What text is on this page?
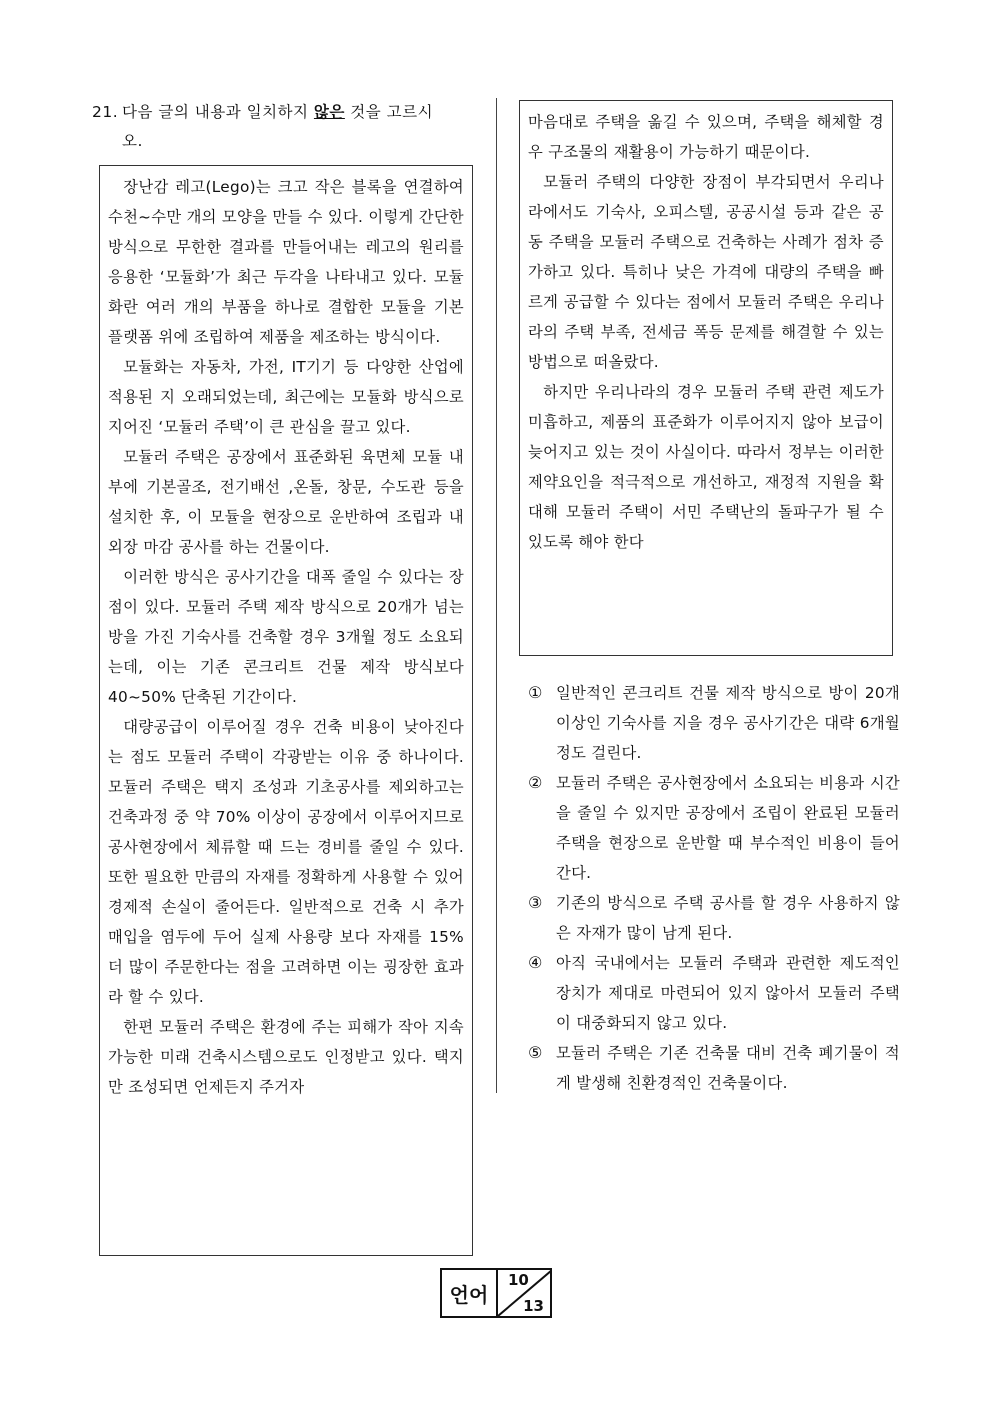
21. 다음 글의 내용과 일치하지 않은 것을 고르시
오.

장난감 레고(Lego)는 크고 작은 블록을 연결하여 수천~수만 개의 모양을 만들 수 있다. 이렇게 간단한 방식으로 무한한 결과를 만들어내는 레고의 원리를 응용한 ‘모듈화’가 최근 두각을 나타내고 있다. 모듈화란 여러 개의 부품을 하나로 결합한 모듈을 기본 플랫폼 위에 조립하여 제품을 제조하는 방식이다.

모듈화는 자동차, 가전, IT기기 등 다양한 산업에 적용된 지 오래되었는데, 최근에는 모듈화 방식으로 지어진 ‘모듈러 주택’이 큰 관심을 끌고 있다.

모듈러 주택은 공장에서 표준화된 육면체 모듈 내부에 기본골조, 전기배선 ,온돌, 창문, 수도관 등을 설치한 후, 이 모듈을 현장으로 운반하여 조립과 내외장 마감 공사를 하는 건물이다.

이러한 방식은 공사기간을 대폭 줄일 수 있다는 장점이 있다. 모듈러 주택 제작 방식으로 20개가 넘는 방을 가진 기숙사를 건축할 경우 3개월 정도 소요되는데, 이는 기존 콘크리트 건물 제작 방식보다 40~50% 단축된 기간이다.

대량공급이 이루어질 경우 건축 비용이 낮아진다는 점도 모듈러 주택이 각광받는 이유 중 하나이다. 모듈러 주택은 택지 조성과 기초공사를 제외하고는 건축과정 중 약 70% 이상이 공장에서 이루어지므로 공사현장에서 체류할 때 드는 경비를 줄일 수 있다. 또한 필요한 만큼의 자재를 정확하게 사용할 수 있어 경제적 손실이 줄어든다. 일반적으로 건축 시 추가 매입을 염두에 두어 실제 사용량 보다 자재를 15% 더 많이 주문한다는 점을 고려하면 이는 굉장한 효과라 할 수 있다.

한편 모듈러 주택은 환경에 주는 피해가 작아 지속 가능한 미래 건축시스템으로도 인정받고 있다. 택지만 조성되면 언제든지 주거자

마음대로 주택을 옮길 수 있으며, 주택을 해체할 경우 구조물의 재활용이 가능하기 때문이다.

모듈러 주택의 다양한 장점이 부각되면서 우리나라에서도 기숙사, 오피스텔, 공공시설 등과 같은 공동 주택을 모듈러 주택으로 건축하는 사례가 점차 증가하고 있다. 특히나 낮은 가격에 대량의 주택을 빠르게 공급할 수 있다는 점에서 모듈러 주택은 우리나라의 주택 부족, 전세금 폭등 문제를 해결할 수 있는 방법으로 떠올랐다.

하지만 우리나라의 경우 모듈러 주택 관련 제도가 미흡하고, 제품의 표준화가 이루어지지 않아 보급이 늦어지고 있는 것이 사실이다. 따라서 정부는 이러한 제약요인을 적극적으로 개선하고, 재정적 지원을 확대해 모듈러 주택이 서민 주택난의 돌파구가 될 수 있도록 해야 한다

① 일반적인 콘크리트 건물 제작 방식으로 방이 20개 이상인 기숙사를 지을 경우 공사기간은 대략 6개월 정도 걸린다.
② 모듈러 주택은 공사현장에서 소요되는 비용과 시간을 줄일 수 있지만 공장에서 조립이 완료된 모듈러 주택을 현장으로 운반할 때 부수적인 비용이 들어간다.
③ 기존의 방식으로 주택 공사를 할 경우 사용하지 않은 자재가 많이 남게 된다.
④ 아직 국내에서는 모듈러 주택과 관련한 제도적인 장치가 제대로 마련되어 있지 않아서 모듈러 주택이 대중화되지 않고 있다.
⑤ 모듈러 주택은 기존 건축물 대비 건축 폐기물이 적게 발생해 친환경적인 건축물이다.
언어
10
13
